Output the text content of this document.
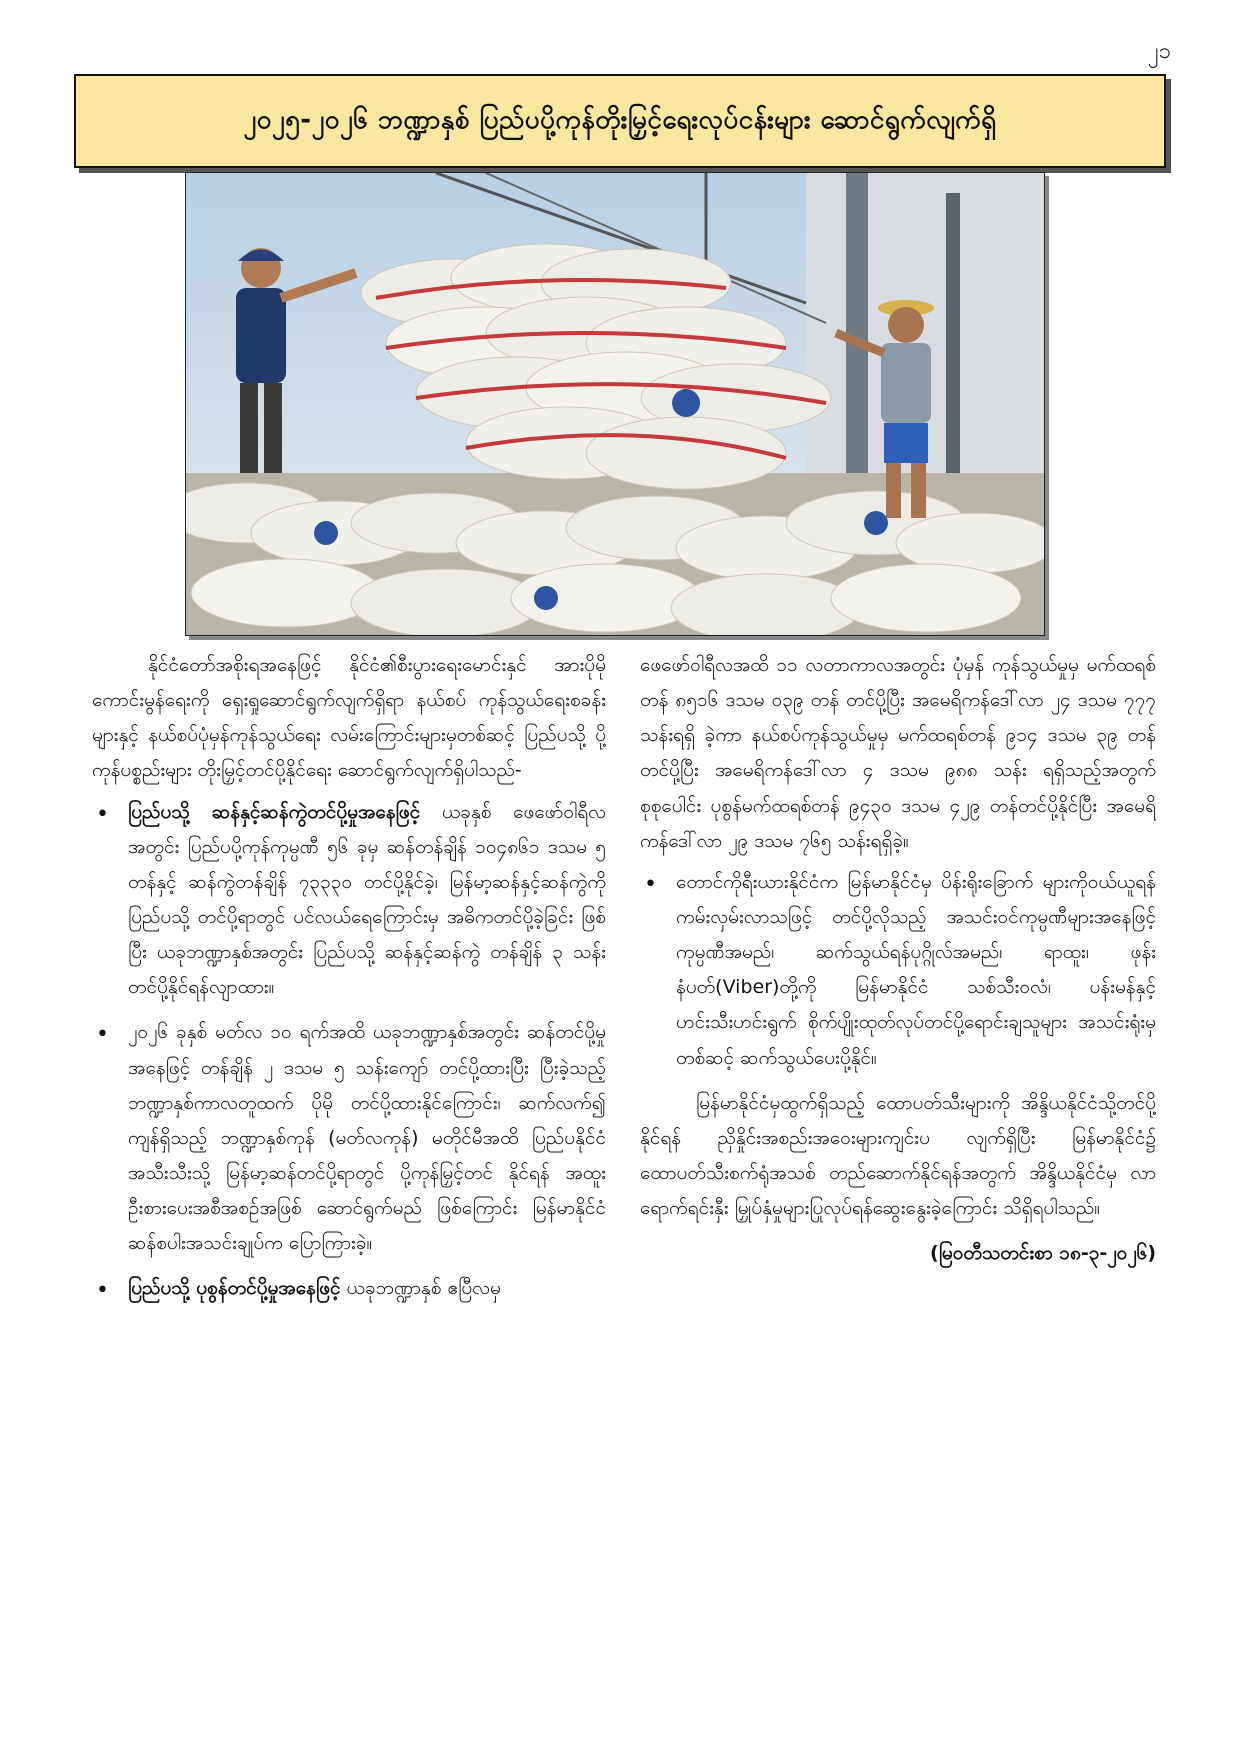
၂၁
၂၀၂၅-၂၀၂၆ ဘဏ္ဍာနှစ် ပြည်ပပို့ကုန်တိုးမြှင့်ရေးလုပ်ငန်းများ ဆောင်ရွက်လျက်ရှိ

နိုင်ငံတော်အစိုးရအနေဖြင့် နိုင်ငံ၏စီးပွားရေးမောင်းနှင် အားပိုမိုကောင်းမွန်ရေးကို ရှေးရှုဆောင်ရွက်လျက်ရှိရာ နယ်စပ် ကုန်သွယ်ရေးစခန်းများနှင့် နယ်စပ်ပုံမှန်ကုန်သွယ်ရေး လမ်းကြောင်းများမှတစ်ဆင့် ပြည်ပသို့ ပို့ကုန်ပစ္စည်းများ တိုးမြှင့်တင်ပို့နိုင်ရေး ဆောင်ရွက်လျက်ရှိပါသည်-

• ပြည်ပသို့ ဆန်နှင့်ဆန်ကွဲတင်ပို့မှုအနေဖြင့် ယခုနှစ် ဖေဖော်ဝါရီလအတွင်း ပြည်ပပို့ကုန်ကုမ္ပဏီ ၅၆ ခုမှ ဆန်တန်ချိန် ၁၀၄၈၆၁ ဒသမ ၅ တန်နှင့် ဆန်ကွဲတန်ချိန် ၇၃၃၃၀ တင်ပို့နိုင်ခဲ့၊ မြန်မာ့ဆန်နှင့်ဆန်ကွဲကို ပြည်ပသို့ တင်ပို့ရာတွင် ပင်လယ်ရေကြောင်းမှ အဓိကတင်ပို့ခဲ့ခြင်း ဖြစ်ပြီး ယခုဘဏ္ဍာနှစ်အတွင်း ပြည်ပသို့ ဆန်နှင့်ဆန်ကွဲ တန်ချိန် ၃ သန်းတင်ပို့နိုင်ရန်လျာထား။
• ၂၀၂၆ ခုနှစ် မတ်လ ၁၀ ရက်အထိ ယခုဘဏ္ဍာနှစ်အတွင်း ဆန်တင်ပို့မှုအနေဖြင့် တန်ချိန် ၂ ဒသမ ၅ သန်းကျော် တင်ပို့ထားပြီး ပြီးခဲ့သည့် ဘဏ္ဍာနှစ်ကာလတူထက် ပိုမို တင်ပို့ထားနိုင်ကြောင်း၊ ဆက်လက်၍ ကျန်ရှိသည့် ဘဏ္ဍာနှစ်ကုန် (မတ်လကုန်) မတိုင်မီအထိ ပြည်ပနိုင်ငံ အသီးသီးသို့ မြန်မာ့ဆန်တင်ပို့ရာတွင် ပို့ကုန်မြှင့်တင် နိုင်ရန် အထူးဦးစားပေးအစီအစဉ်အဖြစ် ဆောင်ရွက်မည် ဖြစ်ကြောင်း မြန်မာနိုင်ငံဆန်စပါးအသင်းချုပ်က ပြောကြားခဲ့။
• ပြည်ပသို့ ပုစွန်တင်ပို့မှုအနေဖြင့် ယခုဘဏ္ဍာနှစ် ဧပြီလမှ

ဖေဖော်ဝါရီလအထိ ၁၁ လတာကာလအတွင်း ပုံမှန် ကုန်သွယ်မှုမှ မက်ထရစ်တန် ၈၅၁၆ ဒသမ ၀၃၉ တန် တင်ပို့ပြီး အမေရိကန်ဒေါ်လာ ၂၄ ဒသမ ၇၇၇ သန်းရရှိ ခဲ့ကာ နယ်စပ်ကုန်သွယ်မှုမှ မက်ထရစ်တန် ၉၁၄ ဒသမ ၃၉ တန်တင်ပို့ပြီး အမေရိကန်ဒေါ်လာ ၄ ဒသမ ၉၈၈ သန်း ရရှိသည့်အတွက် စုစုပေါင်း ပုစွန်မက်ထရစ်တန် ၉၄၃၀ ဒသမ ၄၂၉ တန်တင်ပို့နိုင်ပြီး အမေရိကန်ဒေါ်လာ ၂၉ ဒသမ ၇၆၅ သန်းရရှိခဲ့။

• တောင်ကိုရီးယားနိုင်ငံက မြန်မာနိုင်ငံမှ ပိန်းရိုးခြောက် များကိုဝယ်ယူရန် ကမ်းလှမ်းလာသဖြင့် တင်ပို့လိုသည့် အသင်းဝင်ကုမ္ပဏီများအနေဖြင့် ကုမ္ပဏီအမည်၊ ဆက်သွယ်ရန်ပုဂ္ဂိုလ်အမည်၊ ရာထူး၊ ဖုန်းနံပတ်(Viber)တို့ကို မြန်မာနိုင်ငံ သစ်သီးဝလံ၊ ပန်းမန်နှင့် ဟင်းသီးဟင်းရွက် စိုက်ပျိုးထုတ်လုပ်တင်ပို့ရောင်းချသူများ အသင်းရုံးမှ တစ်ဆင့် ဆက်သွယ်ပေးပို့နိုင်။

မြန်မာနိုင်ငံမှထွက်ရှိသည့် ထောပတ်သီးများကို အိန္ဒိယနိုင်ငံသို့တင်ပို့နိုင်ရန် ညှိနှိုင်းအစည်းအဝေးများကျင်းပ လျက်ရှိပြီး မြန်မာနိုင်ငံ၌ ထောပတ်သီးစက်ရုံအသစ် တည်ဆောက်နိုင်ရန်အတွက် အိန္ဒိယနိုင်ငံမှ လာရောက်ရင်းနှီး မြှုပ်နှံမှုများပြုလုပ်ရန်ဆွေးနွေးခဲ့ကြောင်း သိရှိရပါသည်။

(မြဝတီသတင်းစာ ၁၈-၃-၂၀၂၆)
